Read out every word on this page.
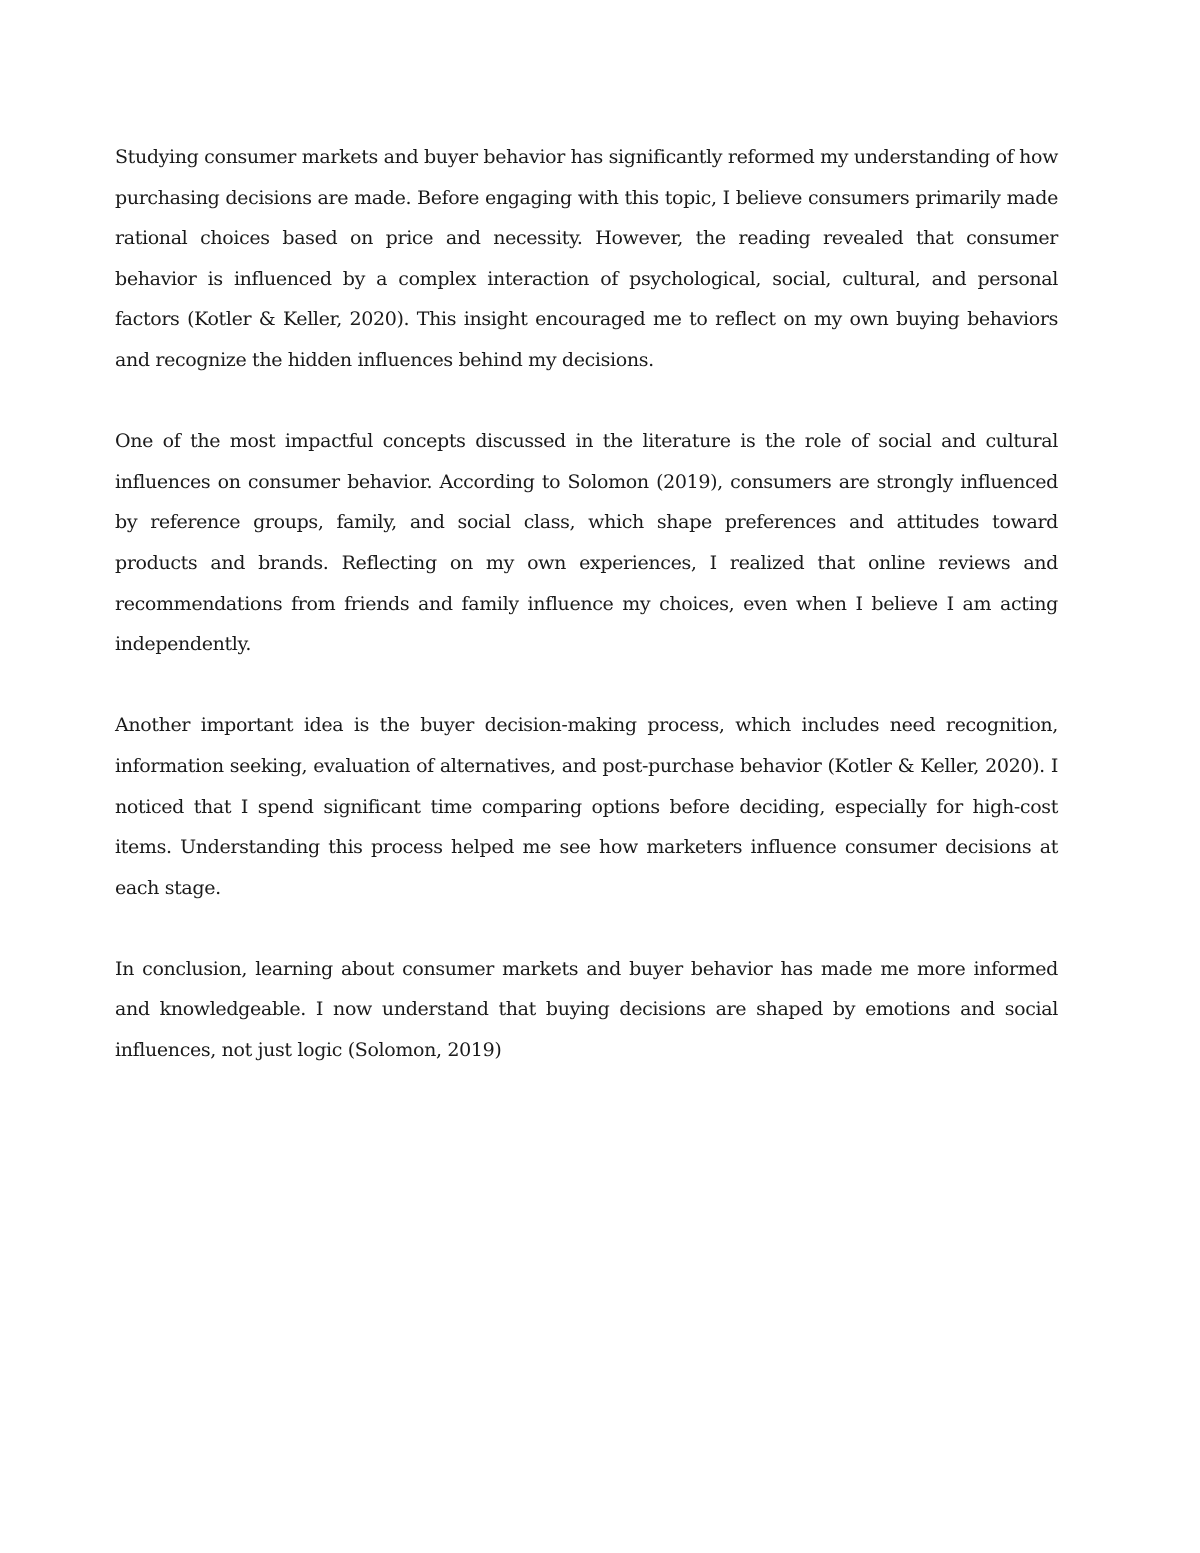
Studying consumer markets and buyer behavior has significantly reformed my understanding of how purchasing decisions are made. Before engaging with this topic, I believe consumers primarily made rational choices based on price and necessity. However, the reading revealed that consumer behavior is influenced by a complex interaction of psychological, social, cultural, and personal factors (Kotler & Keller, 2020). This insight encouraged me to reflect on my own buying behaviors and recognize the hidden influences behind my decisions.

One of the most impactful concepts discussed in the literature is the role of social and cultural influences on consumer behavior. According to Solomon (2019), consumers are strongly influenced by reference groups, family, and social class, which shape preferences and attitudes toward products and brands. Reflecting on my own experiences, I realized that online reviews and recommendations from friends and family influence my choices, even when I believe I am acting independently.

Another important idea is the buyer decision-making process, which includes need recognition, information seeking, evaluation of alternatives, and post-purchase behavior (Kotler & Keller, 2020). I noticed that I spend significant time comparing options before deciding, especially for high-cost items. Understanding this process helped me see how marketers influence consumer decisions at each stage.

In conclusion, learning about consumer markets and buyer behavior has made me more informed and knowledgeable. I now understand that buying decisions are shaped by emotions and social influences, not just logic (Solomon, 2019)
